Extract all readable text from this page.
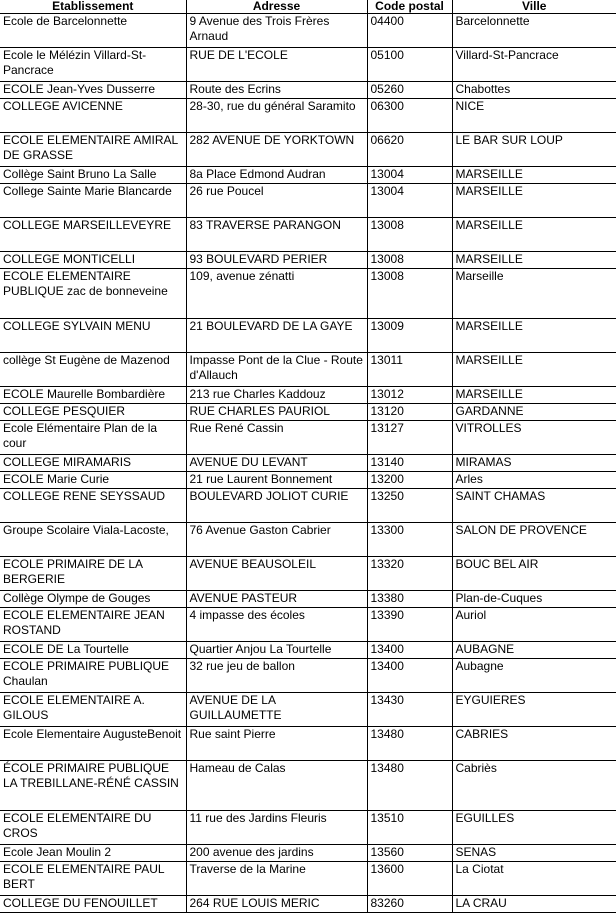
Etablissement	Adresse	Code postal	Ville
Ecole de Barcelonnette	9 Avenue des Trois Frères Arnaud	04400	Barcelonnette
Ecole le Mélézin Villard-St-Pancrace	RUE DE L'ECOLE	05100	Villard-St-Pancrace
ECOLE Jean-Yves Dusserre	Route des Ecrins	05260	Chabottes
COLLEGE AVICENNE	28-30, rue du général Saramito	06300	NICE
ECOLE ELEMENTAIRE AMIRAL DE GRASSE	282 AVENUE DE YORKTOWN	06620	LE BAR SUR LOUP
Collège Saint Bruno La Salle	8a Place Edmond Audran	13004	MARSEILLE
College Sainte Marie Blancarde	26 rue Poucel	13004	MARSEILLE
COLLEGE MARSEILLEVEYRE	83 TRAVERSE PARANGON	13008	MARSEILLE
COLLEGE MONTICELLI	93 BOULEVARD PERIER	13008	MARSEILLE
ECOLE ELEMENTAIRE PUBLIQUE zac de bonneveine	109, avenue zénatti	13008	Marseille
COLLEGE SYLVAIN MENU	21 BOULEVARD DE LA GAYE	13009	MARSEILLE
collège St Eugène de Mazenod	Impasse Pont de la Clue - Route d'Allauch	13011	MARSEILLE
ECOLE Maurelle Bombardière	213 rue Charles Kaddouz	13012	MARSEILLE
COLLEGE PESQUIER	RUE CHARLES PAURIOL	13120	GARDANNE
Ecole Elémentaire Plan de la cour	Rue René Cassin	13127	VITROLLES
COLLEGE MIRAMARIS	AVENUE DU LEVANT	13140	MIRAMAS
ECOLE Marie Curie	21 rue Laurent Bonnement	13200	Arles
COLLEGE RENE SEYSSAUD	BOULEVARD JOLIOT CURIE	13250	SAINT CHAMAS
Groupe Scolaire Viala-Lacoste,	76 Avenue Gaston Cabrier	13300	SALON DE PROVENCE
ECOLE PRIMAIRE DE LA BERGERIE	AVENUE BEAUSOLEIL	13320	BOUC BEL AIR
Collège Olympe de Gouges	AVENUE PASTEUR	13380	Plan-de-Cuques
ECOLE ELEMENTAIRE JEAN ROSTAND	4 impasse des écoles	13390	Auriol
ECOLE DE La Tourtelle	Quartier Anjou La Tourtelle	13400	AUBAGNE
ECOLE PRIMAIRE PUBLIQUE Chaulan	32 rue jeu de ballon	13400	Aubagne
ECOLE ELEMENTAIRE A. GILOUS	AVENUE DE LA GUILLAUMETTE	13430	EYGUIERES
Ecole Elementaire AugusteBenoit	Rue saint Pierre	13480	CABRIES
ÉCOLE PRIMAIRE PUBLIQUE LA TREBILLANE-RÉNÉ CASSIN	Hameau de Calas	13480	Cabriès
ECOLE ELEMENTAIRE DU CROS	11 rue des Jardins Fleuris	13510	EGUILLES
Ecole Jean Moulin 2	200 avenue des jardins	13560	SENAS
ECOLE ELEMENTAIRE PAUL BERT	Traverse de la Marine	13600	La Ciotat
COLLEGE DU FENOUILLET	264 RUE LOUIS MERIC	83260	LA CRAU
